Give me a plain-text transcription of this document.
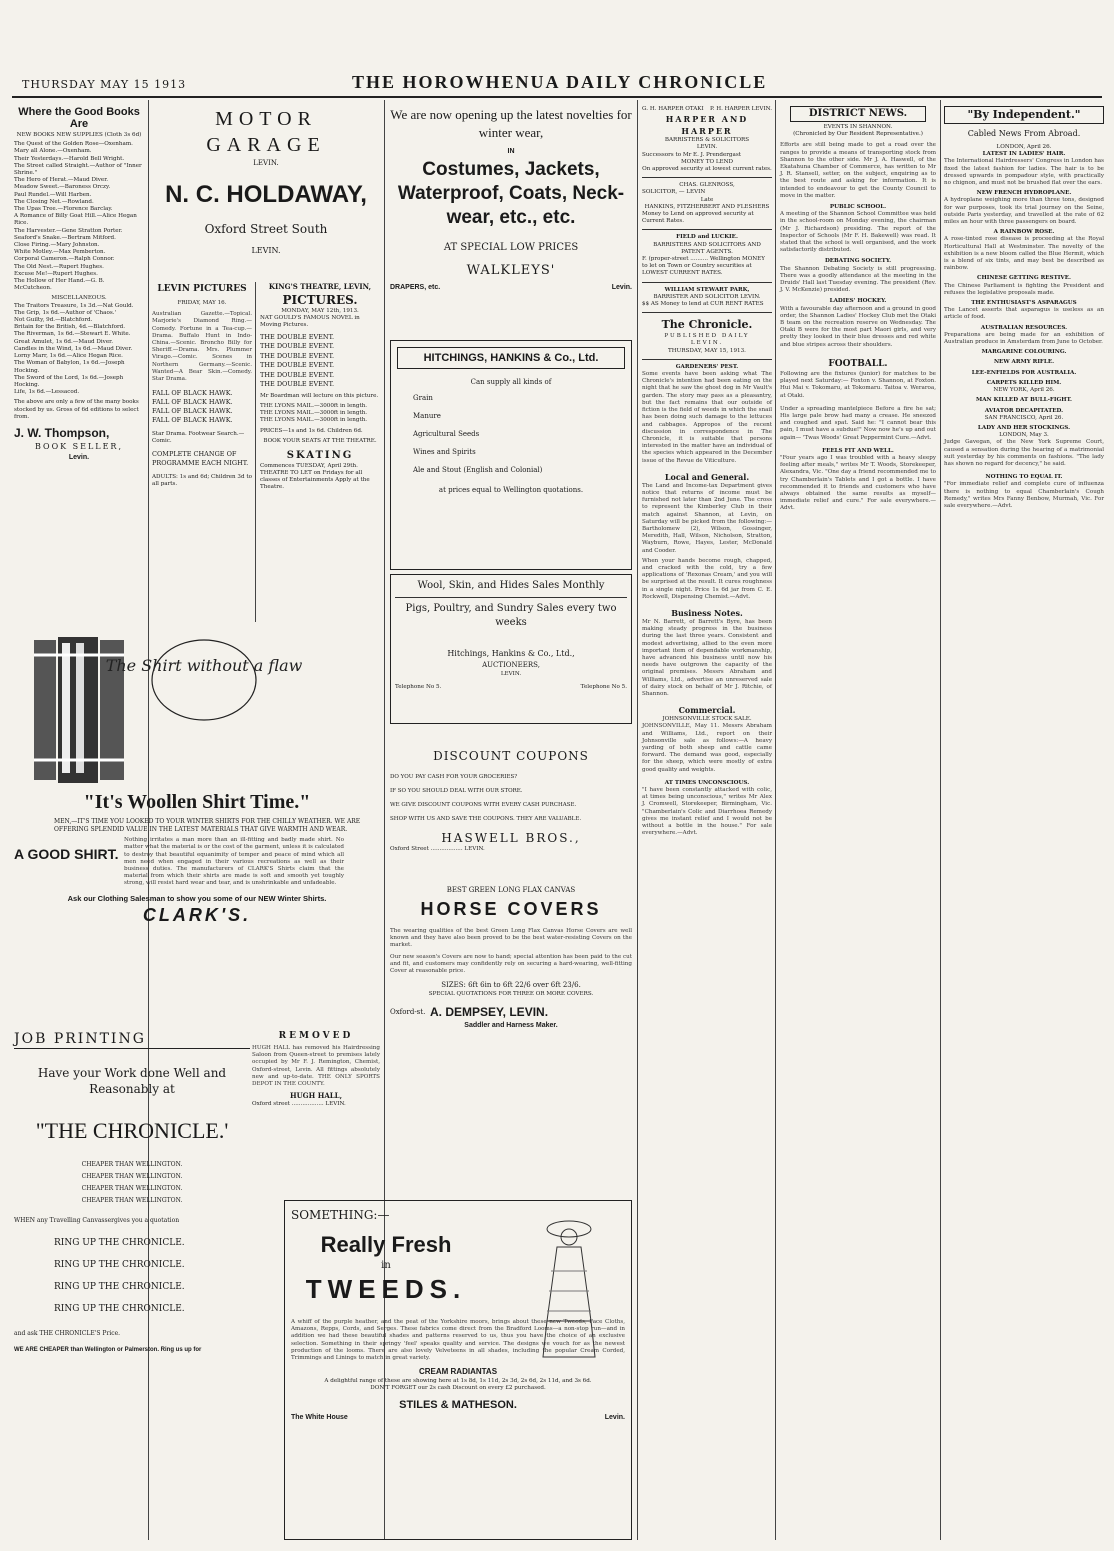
THURSDAY MAY 15 1913	THE HOROWHENUA DAILY CHRONICLE
Where the Good Books Are
NEW BOOKS NEW SUPPLIES (Cloth 3s 6d)
The Quest of the Golden Rose—Oxenham.
Mary all Alone.—Oxenham.
Their Yesterdays.—Harold Bell Wright.
The Street called Straight.—Author of "Inner Shrine."
The Hero of Herat.—Maud Diver.
Meadow Sweet.—Baroness Orczy.
Paul Rundel.—Will Harben.
The Closing Net.—Rowland.
The Upas Tree.—Florence Barclay.
A Romance of Billy Goat Hill.—Alice Hegan Rice.
The Harvester.—Gene Stratton Porter.
Seaford's Snake.—Bertram Mitford.
Close Firing.—Mary Johnston.
White Motley.—Max Pemberton.
Corporal Cameron.—Ralph Connor.
The Old Nest.—Rupert Hughes.
Excuse Me!—Rupert Hughes.
The Hollow of Her Hand.—G. B. McCutcheon.
MISCELLANEOUS.
The Traitors Treasure, 1s 3d.—Nat Gould.
The Grip, 1s 6d.—Author of 'Chaos.'
Not Guilty, 9d.—Blatchford.
Britain for the British, 4d.—Blatchford.
The Riverman, 1s 6d.—Stewart E. White.
Great Amulet, 1s 6d.—Maud Diver.
Candles in the Wind, 1s 6d.—Maud Diver.
Lorny Marr, 1s 6d.—Alice Hegan Rice.
The Woman of Babylon, 1s 6d.—Joseph Hocking.
The Sword of the Lord, 1s 6d.—Joseph Hocking.
Life, 1s 6d.—Lessacod.
The above are only a few of the many books stocked by us. Gross of 6d editions to select from.
J. W. Thompson,
BOOK SELLER,
Levin.
The Shirt without a flaw
"It's Woollen Shirt Time."
MEN,—IT'S TIME YOU LOOKED TO YOUR WINTER SHIRTS FOR THE CHILLY WEATHER. WE ARE OFFERING SPLENDID VALUE IN THE LATEST MATERIALS THAT GIVE WARMTH AND WEAR.
A GOOD SHIRT.

Nothing irritates a man more than an ill-fitting and badly made shirt. No matter what the material is or the cost of the garment, unless it is calculated to destroy that beautiful equanimity of temper and peace of mind which all men need when engaged in their various recreations as well as their business duties. The manufacturers of CLARK'S Shirts claim that the material from which their shirts are made is soft and smooth yet toughly strong, will resist hard wear and tear, and is unshrinkable and unfadeable.

Ask our Clothing Salesman to show you some of our NEW Winter Shirts.
CLARK'S.
JOB PRINTING
Have your Work done Well and Reasonably at
"THE CHRONICLE.'
CHEAPER THAN WELLINGTON.
CHEAPER THAN WELLINGTON.
CHEAPER THAN WELLINGTON.
CHEAPER THAN WELLINGTON.
WHEN any Travelling Canvassergives you a quotation
RING UP THE CHRONICLE.
RING UP THE CHRONICLE.
RING UP THE CHRONICLE.
RING UP THE CHRONICLE.
and ask THE CHRONICLE'S Price.
WE ARE CHEAPER than Wellington or Palmerston. Ring us up for
MOTOR GARAGE
LEVIN.
N. C. HOLDAWAY,
Oxford Street South
LEVIN.
LEVIN PICTURES
FRIDAY, MAY 16.

Australian Gazette.—Topical. Marjorie's Diamond Ring.—Comedy. Fortune in a Tea-cup.—Drama. Buffalo Hunt in Indo-China.—Scenic. Broncho Billy for Sheriff.—Drama. Mrs. Plummer Virago.—Comic. Scenes in Northern Germany.—Scenic. Wanted—A Bear Skin.—Comedy. Star Drama.

FALL OF BLACK HAWK.
FALL OF BLACK HAWK.
FALL OF BLACK HAWK.
FALL OF BLACK HAWK.
Star Drama. Footwear Search.—Comic.
COMPLETE CHANGE OF PROGRAMME EACH NIGHT.
ADULTS: 1s and 6d; Children 3d to all parts.
KING'S THEATRE, LEVIN,
PICTURES.
MONDAY, MAY 12th, 1913.
NAT GOULD'S FAMOUS NOVEL in Moving Pictures.
THE DOUBLE EVENT.
THE DOUBLE EVENT.
THE DOUBLE EVENT.
THE DOUBLE EVENT.
THE DOUBLE EVENT.
THE DOUBLE EVENT.
Mr Boardman will lecture on this picture.
THE LYONS MAIL.—3000ft in length.
THE LYONS MAIL.—3000ft in length.
THE LYONS MAIL.—3000ft in length.
PRICES—1s and 1s 6d. Children 6d.
BOOK YOUR SEATS AT THE THEATRE.
SKATING
Commences TUESDAY, April 29th. THEATRE TO LET on Fridays for all classes of Entertainments Apply at the Theatre.
REMOVED

HUGH HALL has removed his Hairdressing Saloon from Queen-street to premises lately occupied by Mr F. J. Remington, Chemist, Oxford-street, Levin. All fittings absolutely new and up-to-date. THE ONLY SPORTS DEPOT IN THE COUNTY.

HUGH HALL,
Oxford street .................. LEVIN.
We are now opening up the latest novelties for winter wear,
IN
Costumes, Jackets, Waterproof, Coats, Neck-wear, etc., etc.
AT SPECIAL LOW PRICES
WALKLEYS'
DRAPERS, etc.	Levin.
HITCHINGS, HANKINS & Co., Ltd.
Can supply all kinds of
Grain
Manure
Agricultural Seeds
Wines and Spirits
Ale and Stout (English and Colonial)
at prices equal to Wellington quotations.
Wool, Skin, and Hides Sales Monthly
Pigs, Poultry, and Sundry Sales every two weeks
Hitchings, Hankins & Co., Ltd.,
AUCTIONEERS,
LEVIN.
Telephone No 5.	Telephone No 5.
DISCOUNT COUPONS
DO YOU PAY CASH FOR YOUR GROCERIES?
IF SO YOU SHOULD DEAL WITH OUR STORE.
WE GIVE DISCOUNT COUPONS WITH EVERY CASH PURCHASE.
SHOP WITH US AND SAVE THE COUPONS. THEY ARE VALUABLE.
HASWELL BROS.,
Oxford Street .................. LEVIN.
BEST GREEN LONG FLAX CANVAS
HORSE COVERS

The wearing qualities of the best Green Long Flax Canvas Horse Covers are well known and they have also been proved to be the best water-resisting Covers on the market.

Our new season's Covers are now to hand; special attention has been paid to the cut and fit, and customers may confidently rely on securing a hard-wearing, well-fitting Cover at reasonable price.

SIZES: 6ft 6in to 6ft 22/6 over 6ft 23/6.
SPECIAL QUOTATIONS FOR THREE OR MORE COVERS.
Oxford-st. A. DEMPSEY, LEVIN.
Saddler and Harness Maker.
SOMETHING:—
Really Fresh
in
TWEEDS.

A whiff of the purple heather, and the peat of the Yorkshire moors, brings about these new Tweeds, Face Cloths, Amazons, Repps, Cords, and Serges. These fabrics come direct from the Bradford Looms—a non-stop run—and in addition we had these beautiful shades and patterns reserved to us, thus you have the choice of an exclusive selection. Something in their springy 'feel' speaks quality and service. The designs we vouch for as the newest production of the looms. There are also lovely Velveteens in all shades, including the popular Cream Corded, Trimmings and Linings to match in great variety.

CREAM RADIANTAS
A delightful range of these are showing here at 1s 8d, 1s 11d, 2s 3d, 2s 6d, 2s 11d, and 3s 6d.
DON'T FORGET our 2s cash Discount on every £2 purchased.
STILES & MATHESON.
The White House	Levin.
G. H. HARPER OTAKI P. H. HARPER LEVIN.
HARPER AND HARPER
BARRISTERS & SOLICITORS
LEVIN.
Successors to Mr E. J. Prendergast
MONEY TO LEND
On approved security at lowest current rates.
CHAS. GLENROSS,
SOLICITOR, — LEVIN
Late
HANKINS, FITZHERBERT AND FLESHERS
Money to Lend on approved security at Current Rates.
FIELD and LUCKIE.
BARRISTERS AND SOLICITORS AND PATENT AGENTS.
F. (proper-street .......... Wellington MONEY to let on Town or Country securities at LOWEST CURRENT RATES.
WILLIAM STEWART PARK,
BARRISTER AND SOLICITOR LEVIN.
$$ AS Money to lend at CUR RENT RATES
The Chronicle.
PUBLISHED DAILY
LEVIN.
THURSDAY, MAY 15, 1913.
GARDENERS' PEST.

Some events have been asking what The Chronicle's intention had been eating on the night that he saw the ghost dog in Mr Vault's garden. The story may pass as a pleasantry, but the fact remains that our outside of fiction is the field of weeds in which the snail has been doing such damage to the lettuces and cabbages. Appropos of the recent discussion in correspondence in The Chronicle, it is suitable that persons interested in the matter have an individual of the species which appeared in the December issue of the Revue de Viticulture.

Local and General.

The Land and Income-tax Department gives notice that returns of income must be furnished not later than 2nd June. The cross to represent the Kimberley Club in their match against Shannon, at Levin, on Saturday will be picked from the following:—Bartholomew (2), Wilson, Gossinger, Meredith, Hall, Wilson, Nicholson, Stratton, Wayburn, Rowe, Hayes, Lester, McDonald and Cooder.

When your hands become rough, chapped, and cracked with the cold, try a few applications of 'Rexonas Cream,' and you will be surprised at the result. It cures roughness in a single night. Price 1s 6d jar from C. E. Rockwell, Dispensing Chemist.—Advt.

Business Notes.

Mr N. Barrett, of Barrett's Byre, has been making steady progress in the business during the last three years. Consistent and modest advertising, allied to the even more important item of dependable workmanship, have advanced his business until now his needs have outgrown the capacity of the original premises. Messrs Abraham and Williams, Ltd., advertise an unreserved sale of dairy stock on behalf of Mr J. Ritchie, of Shannon.

Commercial.
JOHNSONVILLE STOCK SALE.

JOHNSONVILLE, May 11. Messrs Abraham and Williams, Ltd., report on their Johnsonville sale as follows:—A heavy yarding of both sheep and cattle came forward. The demand was good, especially for the sheep, which were mostly of extra good quality and weights.

AT TIMES UNCONSCIOUS.

"I have been constantly attacked with colic, at times being unconscious," writes Mr Alex J. Cromwell, Storekeeper, Birmingham, Vic. "Chamberlain's Colic and Diarrhoea Remedy gives me instant relief and I would not be without a bottle in the house." For sale everywhere.—Advt.

DISTRICT NEWS.
EVENTS IN SHANNON.
(Chronicled by Our Resident Representative.)

Efforts are still being made to get a road over the ranges to provide a means of transporting stock from Shannon to the other side. Mr J. A. Haswell, of the Ekatahuna Chamber of Commerce, has written to Mr J. R. Stansell, setter, on the subject, enquiring as to the best route and asking for information. It is intended to endeavour to get the County Council to move in the matter.

PUBLIC SCHOOL.

A meeting of the Shannon School Committee was held in the school-room on Monday evening, the chairman (Mr J. Richardson) presiding. The report of the Inspector of Schools (Mr F. H. Bakewell) was read. It stated that the school is well organised, and the work satisfactorily distributed.

DEBATING SOCIETY.

The Shannon Debating Society is still progressing. There was a goodly attendance at the meeting in the Druids' Hall last Tuesday evening. The president (Rev. J. V. McKenzie) presided.

LADIES' HOCKEY.

With a favourable day afternoon and a ground in good order, the Shannon Ladies' Hockey Club met the Otaki B team on the recreation reserve on Wednesday. The Otaki B were for the most part Maori girls, and very pretty they looked in their blue dresses and red white and blue stripes across their shoulders.

FOOTBALL.

Following are the fixtures (junior) for matches to be played next Saturday:— Foxton v. Shannon, at Foxton. Hui Mai v. Tokomaru, at Tokomaru. Taitoa v. Weraroa, at Otaki.

Under a spreading mantelpiece Before a fire he sat; His large pale brow had many a crease. He sneezed and coughed and spat. Said he: "I cannot bear this pain, I must have a subdue!" Now now he's up and out again— 'Twas Woods' Great Peppermint Cure.—Advt.

FEELS FIT AND WELL.

"Four years ago I was troubled with a heavy sleepy feeling after meals," writes Mr T. Woods, Storekeeper, Alexandra, Vic. "One day a friend recommended me to try Chamberlain's Tablets and I got a bottle. I have recommended it to friends and customers who have always obtained the same results as myself—immediate relief and cure." For sale everywhere.—Advt.

"By Independent."
Cabled News From Abroad.
LONDON, April 26.
LATEST IN LADIES' HAIR.

The International Hairdressers' Congress in London has fixed the latest fashion for ladies. The hair is to be dressed upwards in pompadour style, with practically no chignon, and must not be brushed flat over the ears.

NEW FRENCH HYDROPLANE.

A hydroplane weighing more than three tons, designed for war purposes, took its trial journey on the Seine, outside Paris yesterday, and travelled at the rate of 62 miles an hour with three passengers on board.

A RAINBOW ROSE.

A rose-tinted rose disease is proceeding at the Royal Horticultural Hall at Westminster. The novelty of the exhibition is a new bloom called the Blue Hermit, which is a blend of six tints, and may best be described as rainbow.

CHINESE GETTING RESTIVE.

The Chinese Parliament is fighting the President and refuses the legislative proposals made.

THE ENTHUSIAST'S ASPARAGUS

The Lancet asserts that asparagus is useless as an article of food.

AUSTRALIAN RESOURCES.

Preparations are being made for an exhibition of Australian produce in Amsterdam from June to October.

MARGARINE COLOURING.
NEW ARMY RIFLE.
LEE-ENFIELDS FOR AUSTRALIA.
CARPETS KILLED HIM.
NEW YORK, April 26.
MAN KILLED AT BULL-FIGHT.
AVIATOR DECAPITATED.
SAN FRANCISCO, April 26.
LADY AND HER STOCKINGS.
LONDON, May 3.

Judge Gavegan, of the New York Supreme Court, caused a sensation during the hearing of a matrimonial suit yesterday by his comments on fashions. "The lady has shown no regard for decency," he said.

NOTHING TO EQUAL IT.

"For immediate relief and complete cure of influenza there is nothing to equal Chamberlain's Cough Remedy," writes Mrs Fanny Benbow, Murmah, Vic. For sale everywhere.—Advt.
